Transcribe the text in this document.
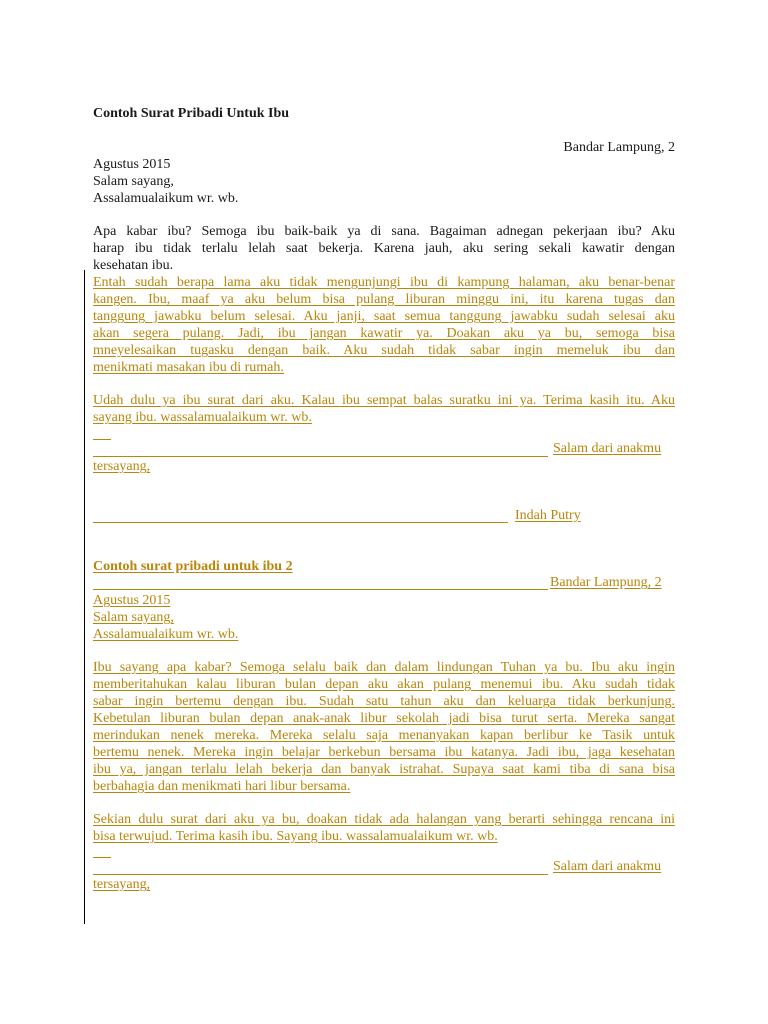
Contoh Surat Pribadi Untuk Ibu
Bandar Lampung, 2
Agustus 2015
Salam sayang,
Assalamualaikum wr. wb.
Apa kabar ibu? Semoga ibu baik-baik ya di sana. Bagaiman adnegan pekerjaan ibu? Aku
harap ibu tidak terlalu lelah saat bekerja. Karena jauh, aku sering sekali kawatir dengan
kesehatan ibu.
Entah sudah berapa lama aku tidak mengunjungi ibu di kampung halaman, aku benar-benar
kangen. Ibu, maaf ya aku belum bisa pulang liburan minggu ini, itu karena tugas dan
tanggung jawabku belum selesai. Aku janji, saat semua tanggung jawabku sudah selesai aku
akan segera pulang. Jadi, ibu jangan kawatir ya. Doakan aku ya bu, semoga bisa
mneyelesaikan tugasku dengan baik. Aku sudah tidak sabar ingin memeluk ibu dan
menikmati masakan ibu di rumah.
Udah dulu ya ibu surat dari aku. Kalau ibu sempat balas suratku ini ya. Terima kasih itu. Aku
sayang ibu. wassalamualaikum wr. wb.
Salam dari anakmu
tersayang,
Indah Putry
Contoh surat pribadi untuk ibu 2
Bandar Lampung, 2
Agustus 2015
Salam sayang,
Assalamualaikum wr. wb.
Ibu sayang apa kabar? Semoga selalu baik dan dalam lindungan Tuhan ya bu. Ibu aku ingin
memberitahukan kalau liburan bulan depan aku akan pulang menemui ibu. Aku sudah tidak
sabar ingin bertemu dengan ibu. Sudah satu tahun aku dan keluarga tidak berkunjung.
Kebetulan liburan bulan depan anak-anak libur sekolah jadi bisa turut serta. Mereka sangat
merindukan nenek mereka. Mereka selalu saja menanyakan kapan berlibur ke Tasik untuk
bertemu nenek. Mereka ingin belajar berkebun bersama ibu katanya. Jadi ibu, jaga kesehatan
ibu ya, jangan terlalu lelah bekerja dan banyak istrahat. Supaya saat kami tiba di sana bisa
berbahagia dan menikmati hari libur bersama.
Sekian dulu surat dari aku ya bu, doakan tidak ada halangan yang berarti sehingga rencana ini
bisa terwujud. Terima kasih ibu. Sayang ibu. wassalamualaikum wr. wb.
Salam dari anakmu
tersayang,
